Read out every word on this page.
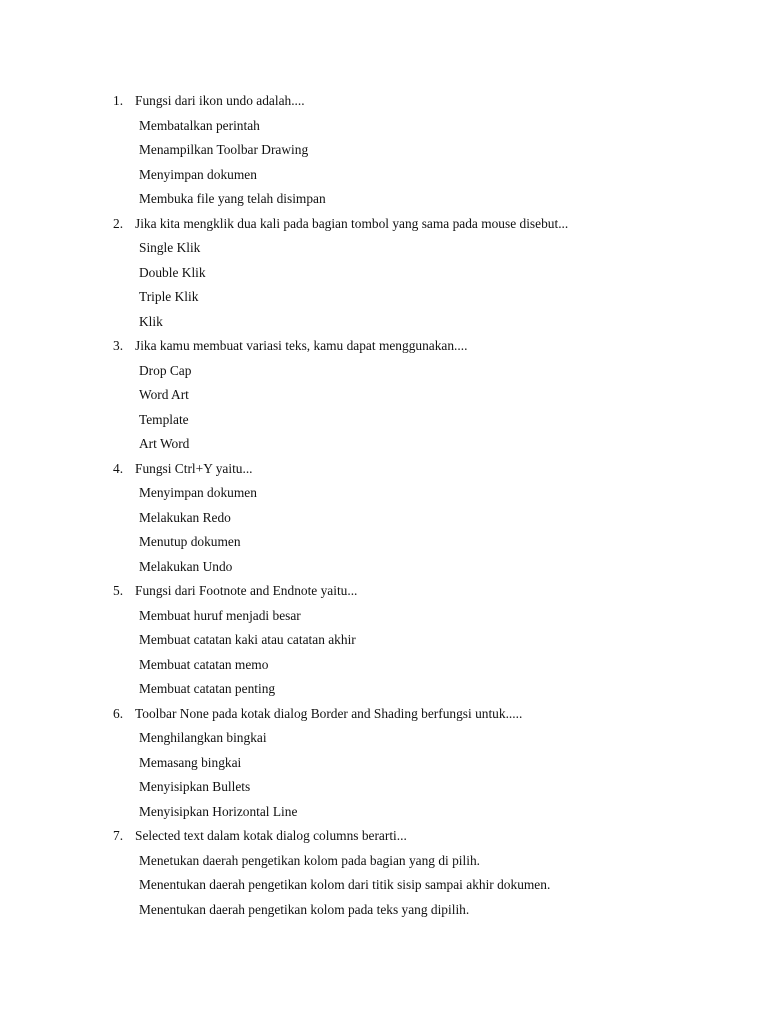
1. Fungsi dari ikon undo adalah....
Membatalkan perintah
Menampilkan Toolbar Drawing
Menyimpan dokumen
Membuka file yang telah disimpan
2. Jika kita mengklik dua kali pada bagian tombol yang sama pada mouse disebut...
Single Klik
Double Klik
Triple Klik
Klik
3. Jika kamu membuat variasi teks, kamu dapat menggunakan....
Drop Cap
Word Art
Template
Art Word
4. Fungsi Ctrl+Y yaitu...
Menyimpan dokumen
Melakukan Redo
Menutup dokumen
Melakukan Undo
5. Fungsi dari Footnote and Endnote yaitu...
Membuat huruf menjadi besar
Membuat catatan kaki atau catatan akhir
Membuat catatan memo
Membuat catatan penting
6. Toolbar None pada kotak dialog Border and Shading berfungsi untuk.....
Menghilangkan bingkai
Memasang bingkai
Menyisipkan Bullets
Menyisipkan Horizontal Line
7. Selected text dalam kotak dialog columns berarti...
Menetukan daerah pengetikan kolom pada bagian yang di pilih.
Menentukan daerah pengetikan kolom dari titik sisip sampai akhir dokumen.
Menentukan daerah pengetikan kolom pada teks yang dipilih.
